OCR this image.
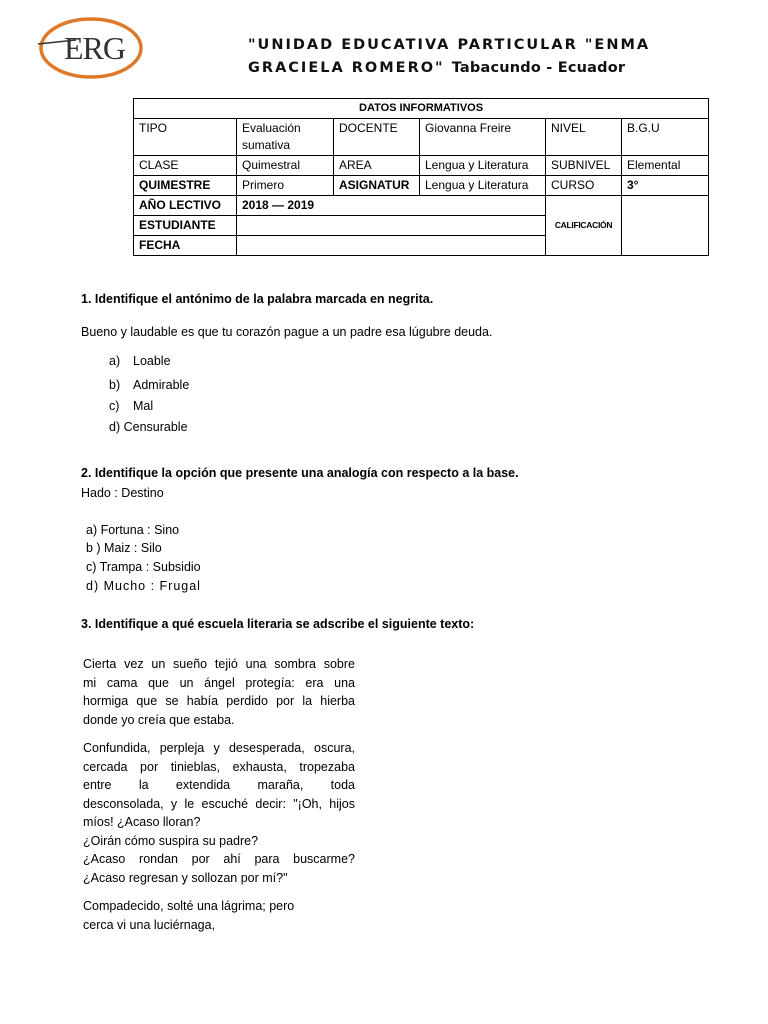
ERG	"UNIDAD EDUCATIVA PARTICULAR "ENMA
GRACIELA ROMERO" Tabacundo - Ecuador
DATOS INFORMATIVOS					
TIPO	Evaluación sumativa	DOCENTE	Giovanna Freire	NIVEL	B.G.U
CLASE	Quimestral	AREA	Lengua y Literatura	SUBNIVEL	Elemental
QUIMESTRE	Primero	ASIGNATUR	Lengua y Literatura	CURSO	3°
AÑO LECTIVO	2018 — 2019			CALIFICACIÓN	
ESTUDIANTE					
FECHA					
1. Identifique el antónimo de la palabra marcada en negrita.
Bueno y laudable es que tu corazón pague a un padre esa lúgubre deuda.
a) Loable
b) Admirable
c) Mal
d) Censurable
2. Identifique la opción que presente una analogía con respecto a la base.
Hado : Destino
a) Fortuna : Sino
b ) Maiz : Silo
c) Trampa : Subsidio
d) Mucho : Frugal
3. Identifique a qué escuela literaria se adscribe el siguiente texto:
Cierta vez un sueño tejió una sombra sobre
mi cama que un ángel protegía: era una
hormiga que se había perdido por la hierba
donde yo creía que estaba.
Confundida, perpleja y desesperada, oscura,
cercada por tinieblas, exhausta, tropezaba
entre la extendida maraña, toda
desconsolada, y le escuché decir: "¡Oh, hijos
míos! ¿Acaso lloran?
¿Oirán cómo suspira su padre?
¿Acaso rondan por ahí para buscarme?
¿Acaso regresan y sollozan por mí?"
Compadecido, solté una lágrima; pero
cerca vi una luciérnaga,
